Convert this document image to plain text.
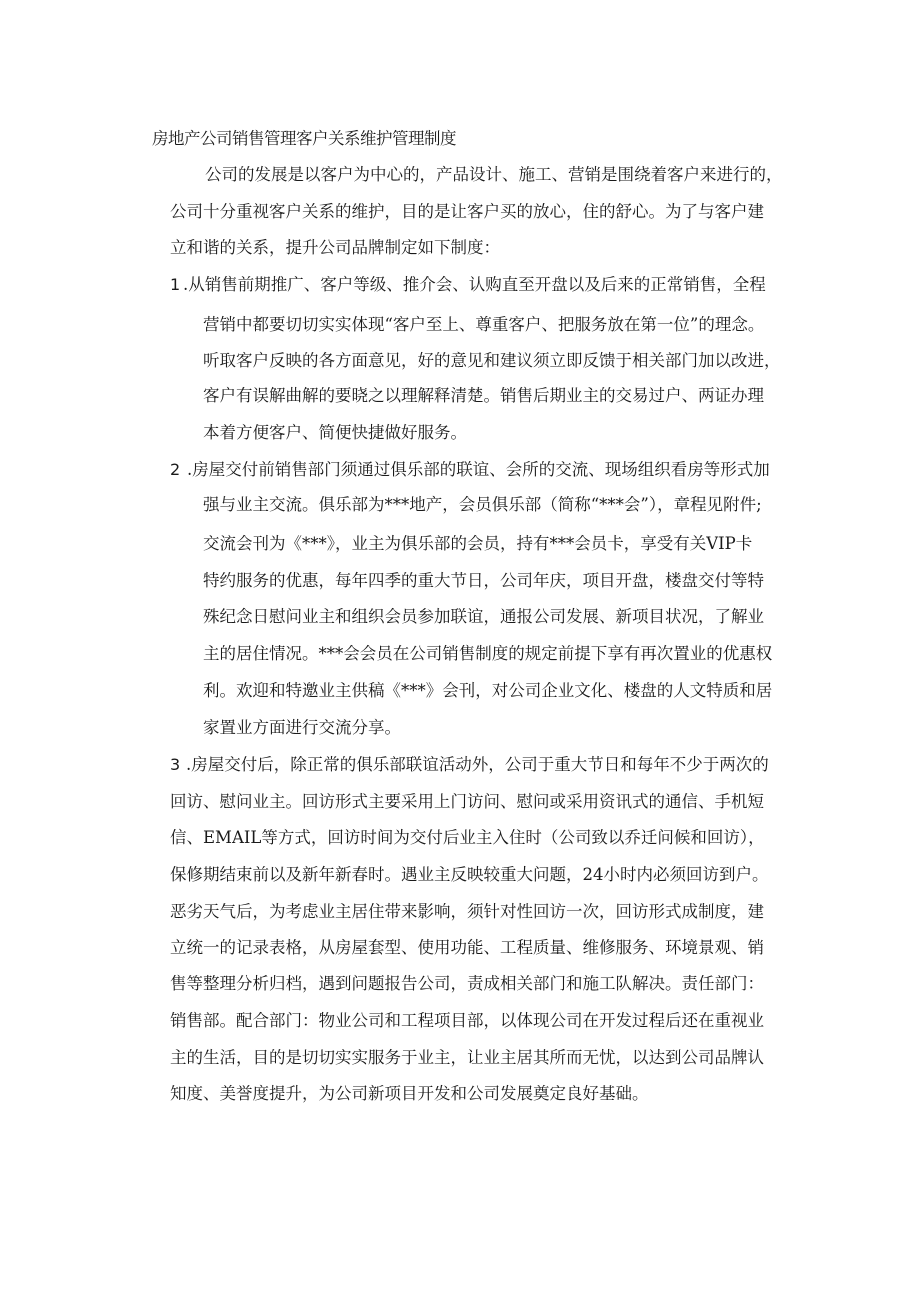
房地产公司销售管理客户关系维护管理制度
公司的发展是以客户为中心的，产品设计、施工、营销是围绕着客户来进行的，
公司十分重视客户关系的维护，目的是让客户买的放心，住的舒心。为了与客户建
立和谐的关系，提升公司品牌制定如下制度：
1 .从销售前期推广、客户等级、推介会、认购直至开盘以及后来的正常销售，全程
营销中都要切切实实体现“客户至上、尊重客户、把服务放在第一位”的理念。
听取客户反映的各方面意见，好的意见和建议须立即反馈于相关部门加以改进，
客户有误解曲解的要晓之以理解释清楚。销售后期业主的交易过户、两证办理
本着方便客户、简便快捷做好服务。
2 .房屋交付前销售部门须通过俱乐部的联谊、会所的交流、现场组织看房等形式加
强与业主交流。俱乐部为***地产，会员俱乐部（简称“***会”），章程见附件;
交流会刊为《***》，业主为俱乐部的会员，持有***会员卡，享受有关VIP卡
特约服务的优惠，每年四季的重大节日，公司年庆，项目开盘，楼盘交付等特
殊纪念日慰问业主和组织会员参加联谊，通报公司发展、新项目状况，了解业
主的居住情况。***会会员在公司销售制度的规定前提下享有再次置业的优惠权
利。欢迎和特邀业主供稿《***》会刊，对公司企业文化、楼盘的人文特质和居
家置业方面进行交流分享。
3 .房屋交付后，除正常的俱乐部联谊活动外，公司于重大节日和每年不少于两次的
回访、慰问业主。回访形式主要采用上门访问、慰问或采用资讯式的通信、手机短
信、EMAIL等方式，回访时间为交付后业主入住时（公司致以乔迁问候和回访），
保修期结束前以及新年新春时。遇业主反映较重大问题，24小时内必须回访到户。
恶劣天气后，为考虑业主居住带来影响，须针对性回访一次，回访形式成制度，建
立统一的记录表格，从房屋套型、使用功能、工程质量、维修服务、环境景观、销
售等整理分析归档，遇到问题报告公司，责成相关部门和施工队解决。责任部门：
销售部。配合部门：物业公司和工程项目部，以体现公司在开发过程后还在重视业
主的生活，目的是切切实实服务于业主，让业主居其所而无忧，以达到公司品牌认
知度、美誉度提升，为公司新项目开发和公司发展奠定良好基础。
